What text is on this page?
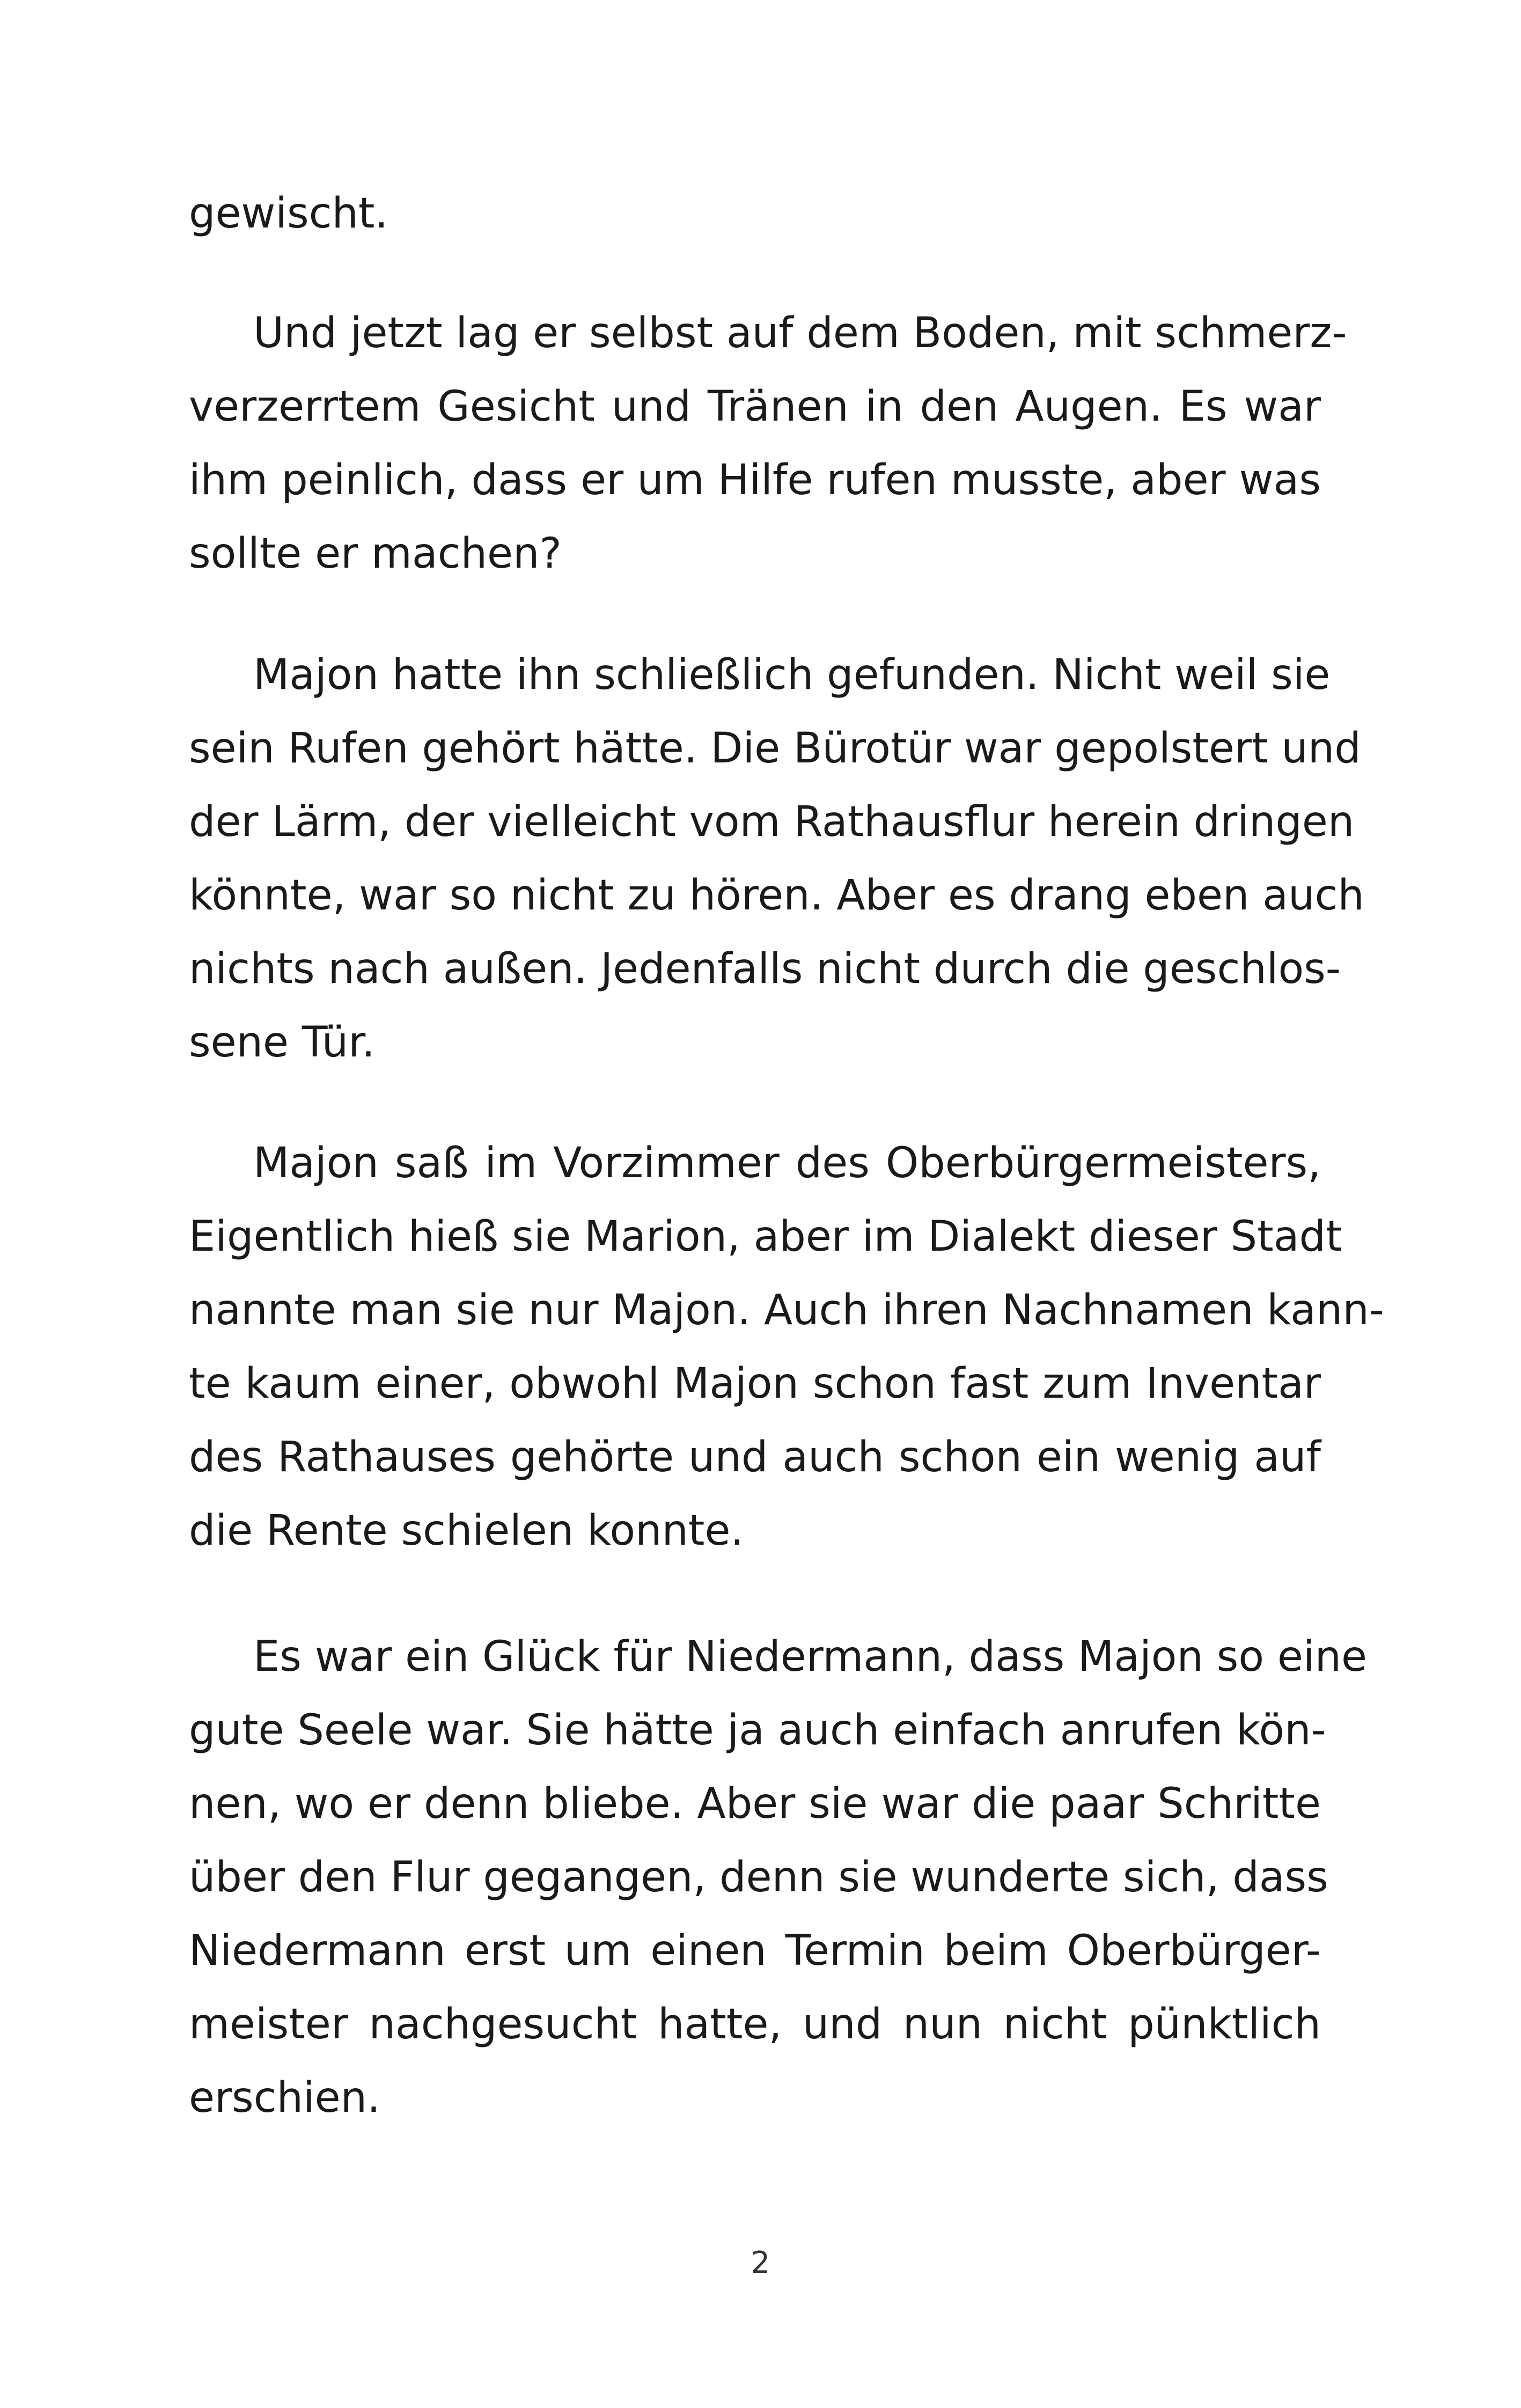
gewischt.
Und jetzt lag er selbst auf dem Boden, mit schmerz-
verzerrtem Gesicht und Tränen in den Augen. Es war
ihm peinlich, dass er um Hilfe rufen musste, aber was
sollte er machen?
Majon hatte ihn schließlich gefunden. Nicht weil sie
sein Rufen gehört hätte. Die Bürotür war gepolstert und
der Lärm, der vielleicht vom Rathausflur herein dringen
könnte, war so nicht zu hören. Aber es drang eben auch
nichts nach außen. Jedenfalls nicht durch die geschlos-
sene Tür.
Majon saß im Vorzimmer des Oberbürgermeisters,
Eigentlich hieß sie Marion, aber im Dialekt dieser Stadt
nannte man sie nur Majon. Auch ihren Nachnamen kann-
te kaum einer, obwohl Majon schon fast zum Inventar
des Rathauses gehörte und auch schon ein wenig auf
die Rente schielen konnte.
Es war ein Glück für Niedermann, dass Majon so eine
gute Seele war. Sie hätte ja auch einfach anrufen kön-
nen, wo er denn bliebe. Aber sie war die paar Schritte
über den Flur gegangen, denn sie wunderte sich, dass
Niedermann erst um einen Termin beim Oberbürger-
meister nachgesucht hatte, und nun nicht pünktlich
erschien.
2
